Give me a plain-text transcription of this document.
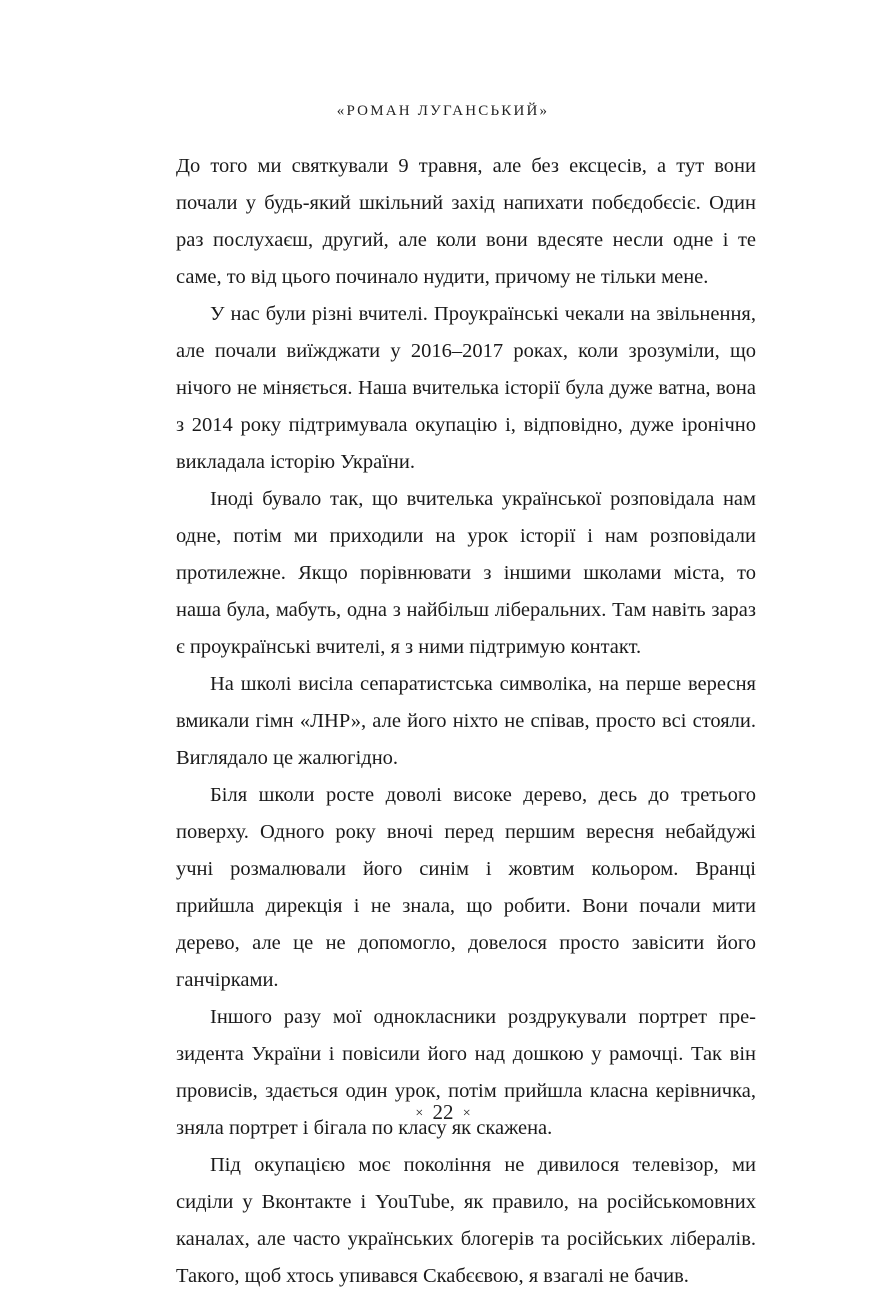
«РОМАН ЛУГАНСЬКИЙ»

До того ми святкували 9 травня, але без ексцесів, а тут вони почали у будь-який шкільний захід напихати побєдобєсіє. Один раз послухаєш, другий, але коли вони вдесяте несли одне і те саме, то від цього починало нудити, причому не тільки мене.

У нас були різні вчителі. Проукраїнські чекали на звільнення, але почали виїжджати у 2016–2017 роках, коли зрозуміли, що нічого не міняється. Наша вчителька історії була дуже ватна, вона з 2014 року підтримувала окупацію і, відповідно, дуже іронічно викладала історію України.

Іноді бувало так, що вчителька української розповідала нам одне, потім ми приходили на урок історії і нам розповідали протилежне. Якщо порівнювати з іншими школами міста, то наша була, мабуть, одна з найбільш ліберальних. Там навіть зараз є проукраїнські вчителі, я з ними підтримую контакт.

На школі висіла сепаратистська символіка, на перше вересня вмикали гімн «ЛНР», але його ніхто не співав, просто всі стояли. Виглядало це жалюгідно.

Біля школи росте доволі високе дерево, десь до третього поверху. Одного року вночі перед першим вересня небайдужі учні розмалювали його синім і жовтим кольором. Вранці прийшла дирекція і не знала, що робити. Вони почали мити дерево, але це не допомогло, довелося просто завісити його ганчірками.

Іншого разу мої однокласники роздрукували портрет президента України і повісили його над дошкою у рамочці. Так він провисів, здається один урок, потім прийшла класна керівничка, зняла портрет і бігала по класу як скажена.

Під окупацією моє покоління не дивилося телевізор, ми сиділи у Вконтакте і YouTube, як правило, на російськомовних каналах, але часто українських блогерів та російських лібералів. Такого, щоб хтось упивався Скабєєвою, я взагалі не бачив.

× 22 ×
